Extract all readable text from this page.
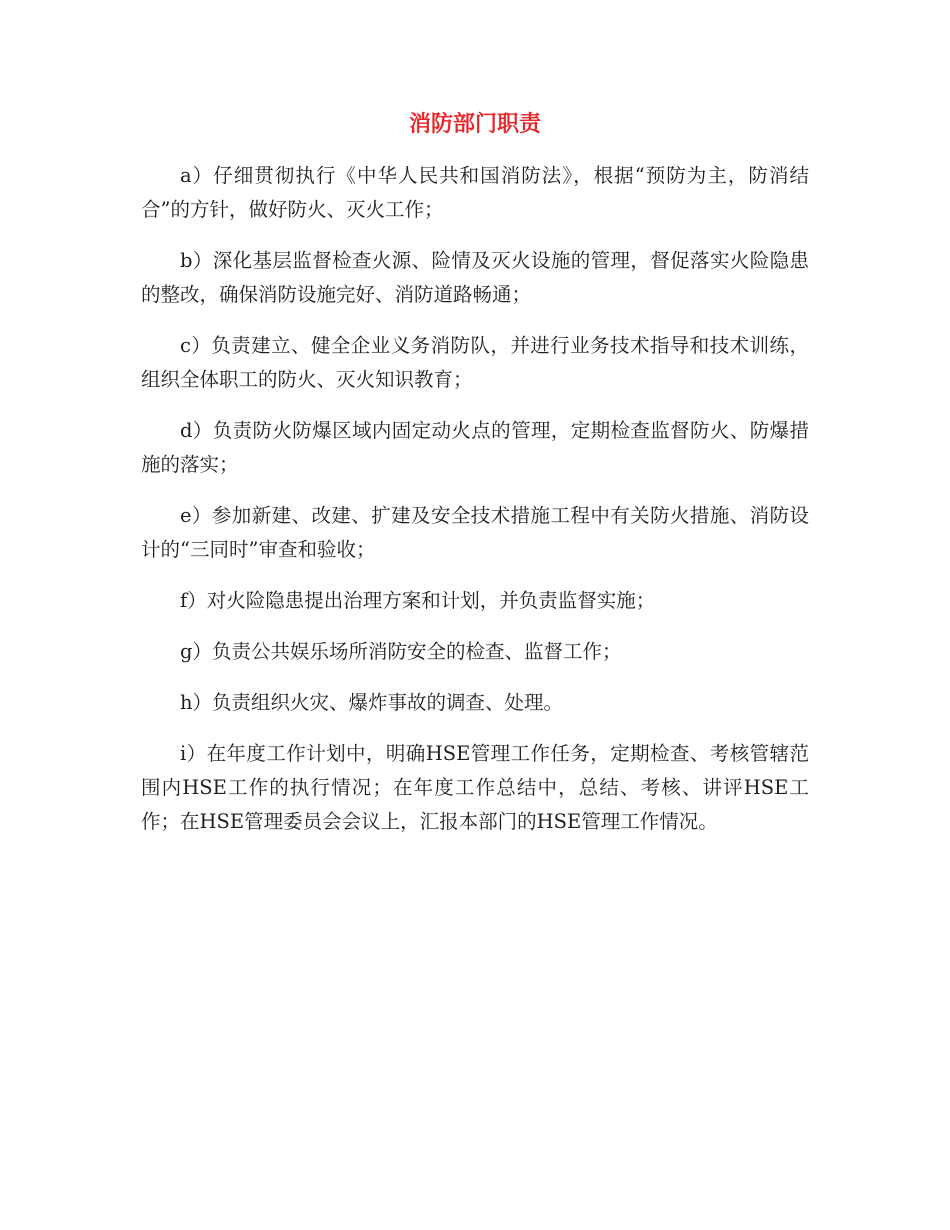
消防部门职责

a）仔细贯彻执行《中华人民共和国消防法》，根据“预防为主，防消结合”的方针，做好防火、灭火工作；

b）深化基层监督检查火源、险情及灭火设施的管理，督促落实火险隐患的整改，确保消防设施完好、消防道路畅通；

c）负责建立、健全企业义务消防队，并进行业务技术指导和技术训练，组织全体职工的防火、灭火知识教育；

d）负责防火防爆区域内固定动火点的管理，定期检查监督防火、防爆措施的落实；

e）参加新建、改建、扩建及安全技术措施工程中有关防火措施、消防设计的“三同时”审查和验收；

f）对火险隐患提出治理方案和计划，并负责监督实施；

g）负责公共娱乐场所消防安全的检查、监督工作；

h）负责组织火灾、爆炸事故的调查、处理。

i）在年度工作计划中，明确HSE管理工作任务，定期检查、考核管辖范围内HSE工作的执行情况；在年度工作总结中，总结、考核、讲评HSE工作；在HSE管理委员会会议上，汇报本部门的HSE管理工作情况。
